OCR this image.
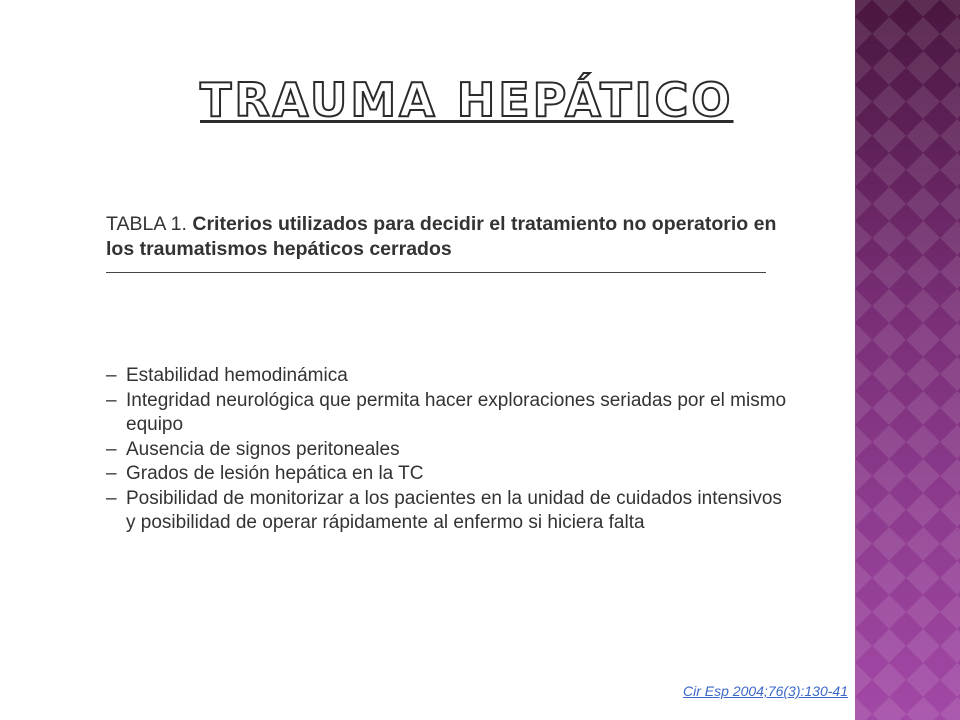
TRAUMA HEPÁTICO

TABLA 1. Criterios utilizados para decidir el tratamiento no operatorio en los traumatismos hepáticos cerrados

– Estabilidad hemodinámica
– Integridad neurológica que permita hacer exploraciones seriadas por el mismo equipo
– Ausencia de signos peritoneales
– Grados de lesión hepática en la TC
– Posibilidad de monitorizar a los pacientes en la unidad de cuidados intensivos y posibilidad de operar rápidamente al enfermo si hiciera falta
Cir Esp 2004;76(3):130-41
